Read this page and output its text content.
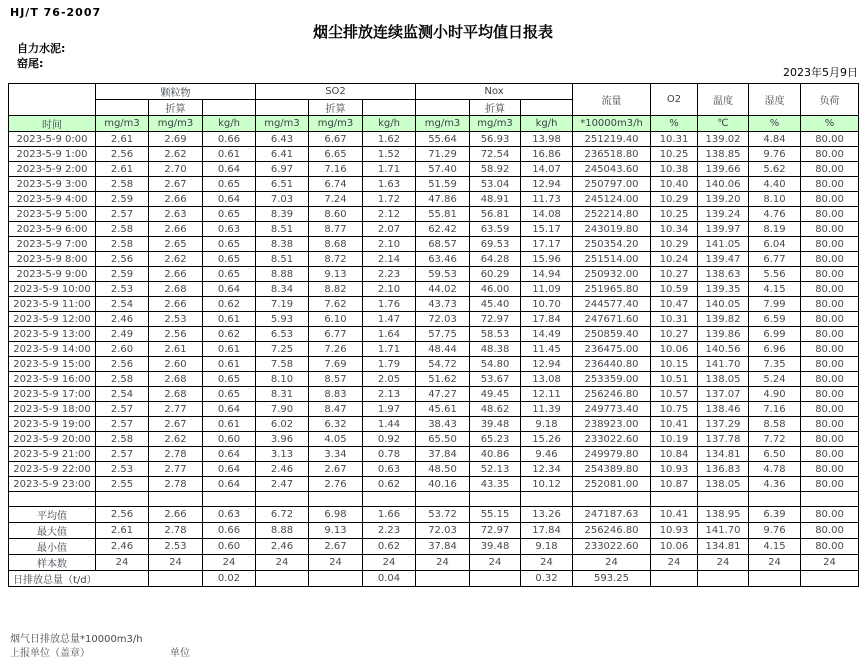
HJ/T 76-2007
烟尘排放连续监测小时平均值日报表
自力水泥:
窑尾:
2023年5月9日
	颗粒物			SO2			Nox			流量	O2	温度	湿度	负荷
		折算			折算			折算						
时间	mg/m3	mg/m3	kg/h	mg/m3	mg/m3	kg/h	mg/m3	mg/m3	kg/h	*10000m3/h	%	℃	%	%
2023-5-9 0:00	2.61	2.69	0.66	6.43	6.67	1.62	55.64	56.93	13.98	251219.40	10.31	139.02	4.84	80.00
2023-5-9 1:00	2.56	2.62	0.61	6.41	6.65	1.52	71.29	72.54	16.86	236518.80	10.25	138.85	9.76	80.00
2023-5-9 2:00	2.61	2.70	0.64	6.97	7.16	1.71	57.40	58.92	14.07	245043.60	10.38	139.66	5.62	80.00
2023-5-9 3:00	2.58	2.67	0.65	6.51	6.74	1.63	51.59	53.04	12.94	250797.00	10.40	140.06	4.40	80.00
2023-5-9 4:00	2.59	2.66	0.64	7.03	7.24	1.72	47.86	48.91	11.73	245124.00	10.29	139.20	8.10	80.00
2023-5-9 5:00	2.57	2.63	0.65	8.39	8.60	2.12	55.81	56.81	14.08	252214.80	10.25	139.24	4.76	80.00
2023-5-9 6:00	2.58	2.66	0.63	8.51	8.77	2.07	62.42	63.59	15.17	243019.80	10.34	139.97	8.19	80.00
2023-5-9 7:00	2.58	2.65	0.65	8.38	8.68	2.10	68.57	69.53	17.17	250354.20	10.29	141.05	6.04	80.00
2023-5-9 8:00	2.56	2.62	0.65	8.51	8.72	2.14	63.46	64.28	15.96	251514.00	10.24	139.47	6.77	80.00
2023-5-9 9:00	2.59	2.66	0.65	8.88	9.13	2.23	59.53	60.29	14.94	250932.00	10.27	138.63	5.56	80.00
2023-5-9 10:00	2.53	2.68	0.64	8.34	8.82	2.10	44.02	46.00	11.09	251965.80	10.59	139.35	4.15	80.00
2023-5-9 11:00	2.54	2.66	0.62	7.19	7.62	1.76	43.73	45.40	10.70	244577.40	10.47	140.05	7.99	80.00
2023-5-9 12:00	2.46	2.53	0.61	5.93	6.10	1.47	72.03	72.97	17.84	247671.60	10.31	139.82	6.59	80.00
2023-5-9 13:00	2.49	2.56	0.62	6.53	6.77	1.64	57.75	58.53	14.49	250859.40	10.27	139.86	6.99	80.00
2023-5-9 14:00	2.60	2.61	0.61	7.25	7.26	1.71	48.44	48.38	11.45	236475.00	10.06	140.56	6.96	80.00
2023-5-9 15:00	2.56	2.60	0.61	7.58	7.69	1.79	54.72	54.80	12.94	236440.80	10.15	141.70	7.35	80.00
2023-5-9 16:00	2.58	2.68	0.65	8.10	8.57	2.05	51.62	53.67	13.08	253359.00	10.51	138.05	5.24	80.00
2023-5-9 17:00	2.54	2.68	0.65	8.31	8.83	2.13	47.27	49.45	12.11	256246.80	10.57	137.07	4.90	80.00
2023-5-9 18:00	2.57	2.77	0.64	7.90	8.47	1.97	45.61	48.62	11.39	249773.40	10.75	138.46	7.16	80.00
2023-5-9 19:00	2.57	2.67	0.61	6.02	6.32	1.44	38.43	39.48	9.18	238923.00	10.41	137.29	8.58	80.00
2023-5-9 20:00	2.58	2.62	0.60	3.96	4.05	0.92	65.50	65.23	15.26	233022.60	10.19	137.78	7.72	80.00
2023-5-9 21:00	2.57	2.78	0.64	3.13	3.34	0.78	37.84	40.86	9.46	249979.80	10.84	134.81	6.50	80.00
2023-5-9 22:00	2.53	2.77	0.64	2.46	2.67	0.63	48.50	52.13	12.34	254389.80	10.93	136.83	4.78	80.00
2023-5-9 23:00	2.55	2.78	0.64	2.47	2.76	0.62	40.16	43.35	10.12	252081.00	10.87	138.05	4.36	80.00

平均值	2.56	2.66	0.63	6.72	6.98	1.66	53.72	55.15	13.26	247187.63	10.41	138.95	6.39	80.00
最大值	2.61	2.78	0.66	8.88	9.13	2.23	72.03	72.97	17.84	256246.80	10.93	141.70	9.76	80.00
最小值	2.46	2.53	0.60	2.46	2.67	0.62	37.84	39.48	9.18	233022.60	10.06	134.81	4.15	80.00
样本数	24	24	24	24	24	24	24	24	24	24	24	24	24	24
日排放总量（t/d）			0.02			0.04			0.32	593.25				
烟气日排放总量*10000m3/h
上报单位（盖章）	单位
